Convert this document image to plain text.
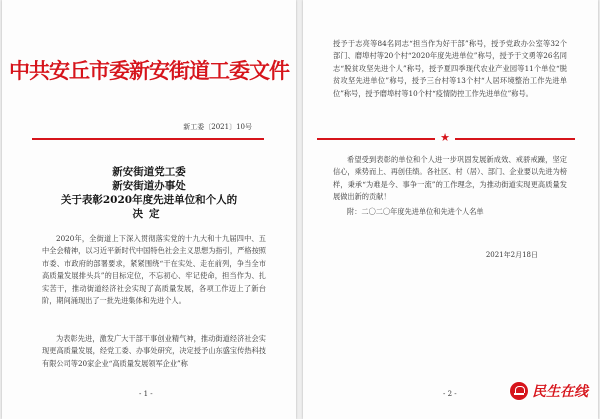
中共安丘市委新安街道工委文件
新工委〔2021〕10号
新安街道党工委
新安街道办事处
关于表彰2020年度先进单位和个人的
决定

2020年，全街道上下深入贯彻落实党的十九大和十九届四中、五中全会精神，以习近平新时代中国特色社会主义思想为指引，严格按照市委、市政府的部署要求，紧紧围绕“干在实处、走在前列，争当全市高质量发展排头兵”的目标定位，不忘初心、牢记使命，担当作为、扎实苦干，推动街道经济社会实现了高质量发展，各项工作迈上了新台阶，期间涌现出了一批先进集体和先进个人。

为表彰先进，激发广大干部干事创业精气神，推动街道经济社会实现更高质量发展，经党工委、办事处研究，决定授予山东盛宝传热科技有限公司等20家企业“高质量发展领军企业”称

- 1 -
★

授予于志亮等84名同志“担当作为好干部”称号，授予党政办公室等32个部门、磨埠村等20个村“2020年度先进单位”称号，授予于文勇等26名同志“脱贫攻坚先进个人”称号，授予夏四季现代农业产业园等11个单位“脱贫攻坚先进单位”称号，授予三台村等13个村“人居环境整治工作先进单位”称号，授予磨埠村等10个村“疫情防控工作先进单位”称号。

希望受到表彰的单位和个人进一步巩固发展新成效、戒骄戒躁，坚定信心，乘势而上、再创佳绩。各社区、村（居）、部门、企业要以先进为榜样，秉承“为难是今、事争一流”的工作理念，为推动街道实现更高质量发展做出新的贡献！

附：二〇二〇年度先进单位和先进个人名单

2021年2月18日
- 2 -	民生在线
